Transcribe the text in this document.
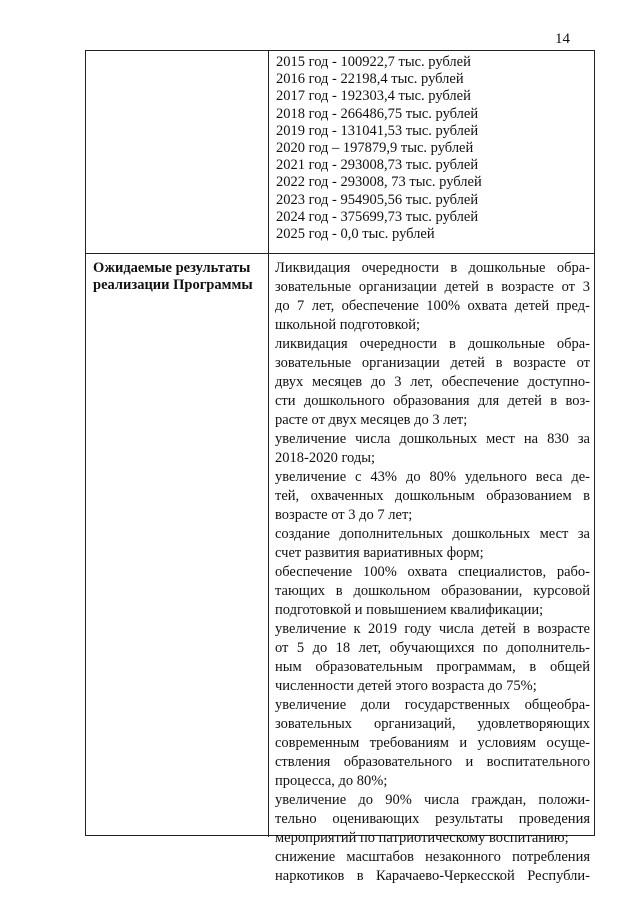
14
2015 год - 100922,7 тыс. рублей
2016 год - 22198,4 тыс. рублей
2017 год - 192303,4 тыс. рублей
2018 год - 266486,75 тыс. рублей
2019 год - 131041,53 тыс. рублей
2020 год – 197879,9 тыс. рублей
2021 год - 293008,73 тыс. рублей
2022 год - 293008, 73 тыс. рублей
2023 год - 954905,56 тыс. рублей
2024 год - 375699,73 тыс. рублей
2025 год - 0,0 тыс. рублей
Ожидаемые результаты
реализации Программы
Ликвидация очередности в дошкольные обра-
зовательные организации детей в возрасте от 3
до 7 лет, обеспечение 100% охвата детей пред-
школьной подготовкой;
ликвидация очередности в дошкольные обра-
зовательные организации детей в возрасте от
двух месяцев до 3 лет, обеспечение доступно-
сти дошкольного образования для детей в воз-
расте от двух месяцев до 3 лет;
увеличение числа дошкольных мест на 830 за
2018-2020 годы;
увеличение с 43% до 80% удельного веса де-
тей, охваченных дошкольным образованием в
возрасте от 3 до 7 лет;
создание дополнительных дошкольных мест за
счет развития вариативных форм;
обеспечение 100% охвата специалистов, рабо-
тающих в дошкольном образовании, курсовой
подготовкой и повышением квалификации;
увеличение к 2019 году числа детей в возрасте
от 5 до 18 лет, обучающихся по дополнитель-
ным образовательным программам, в общей
численности детей этого возраста до 75%;
увеличение доли государственных общеобра-
зовательных организаций, удовлетворяющих
современным требованиям и условиям осуще-
ствления образовательного и воспитательного
процесса, до 80%;
увеличение до 90% числа граждан, положи-
тельно оценивающих результаты проведения
мероприятий по патриотическому воспитанию;
снижение масштабов незаконного потребления
наркотиков в Карачаево-Черкесской Республи-
